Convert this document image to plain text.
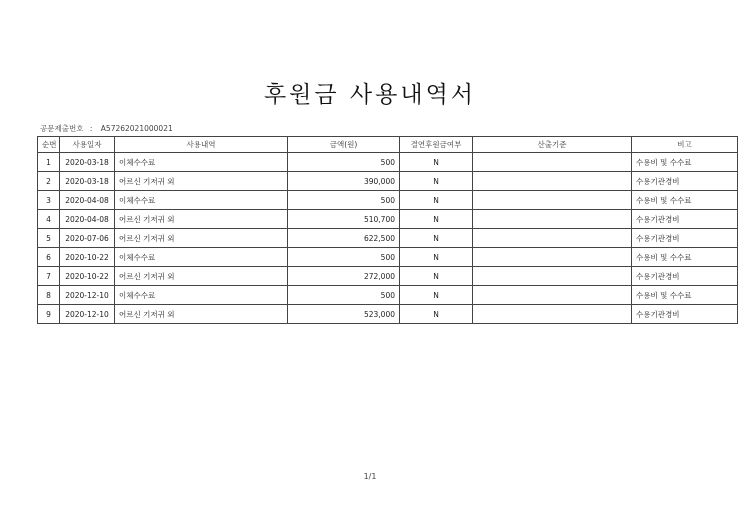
후원금 사용내역서
공문제출번호 : A57262021000021
순번	사용일자	사용내역	금액(원)	결연후원금여부	산출기준	비고
1	2020-03-18	이체수수료	500	N		수용비 및 수수료
2	2020-03-18	어르신 기저귀 외	390,000	N		수용기관경비
3	2020-04-08	이체수수료	500	N		수용비 및 수수료
4	2020-04-08	어르신 기저귀 외	510,700	N		수용기관경비
5	2020-07-06	어르신 기저귀 외	622,500	N		수용기관경비
6	2020-10-22	이체수수료	500	N		수용비 및 수수료
7	2020-10-22	어르신 기저귀 외	272,000	N		수용기관경비
8	2020-12-10	이체수수료	500	N		수용비 및 수수료
9	2020-12-10	어르신 기저귀 외	523,000	N		수용기관경비
1/1
